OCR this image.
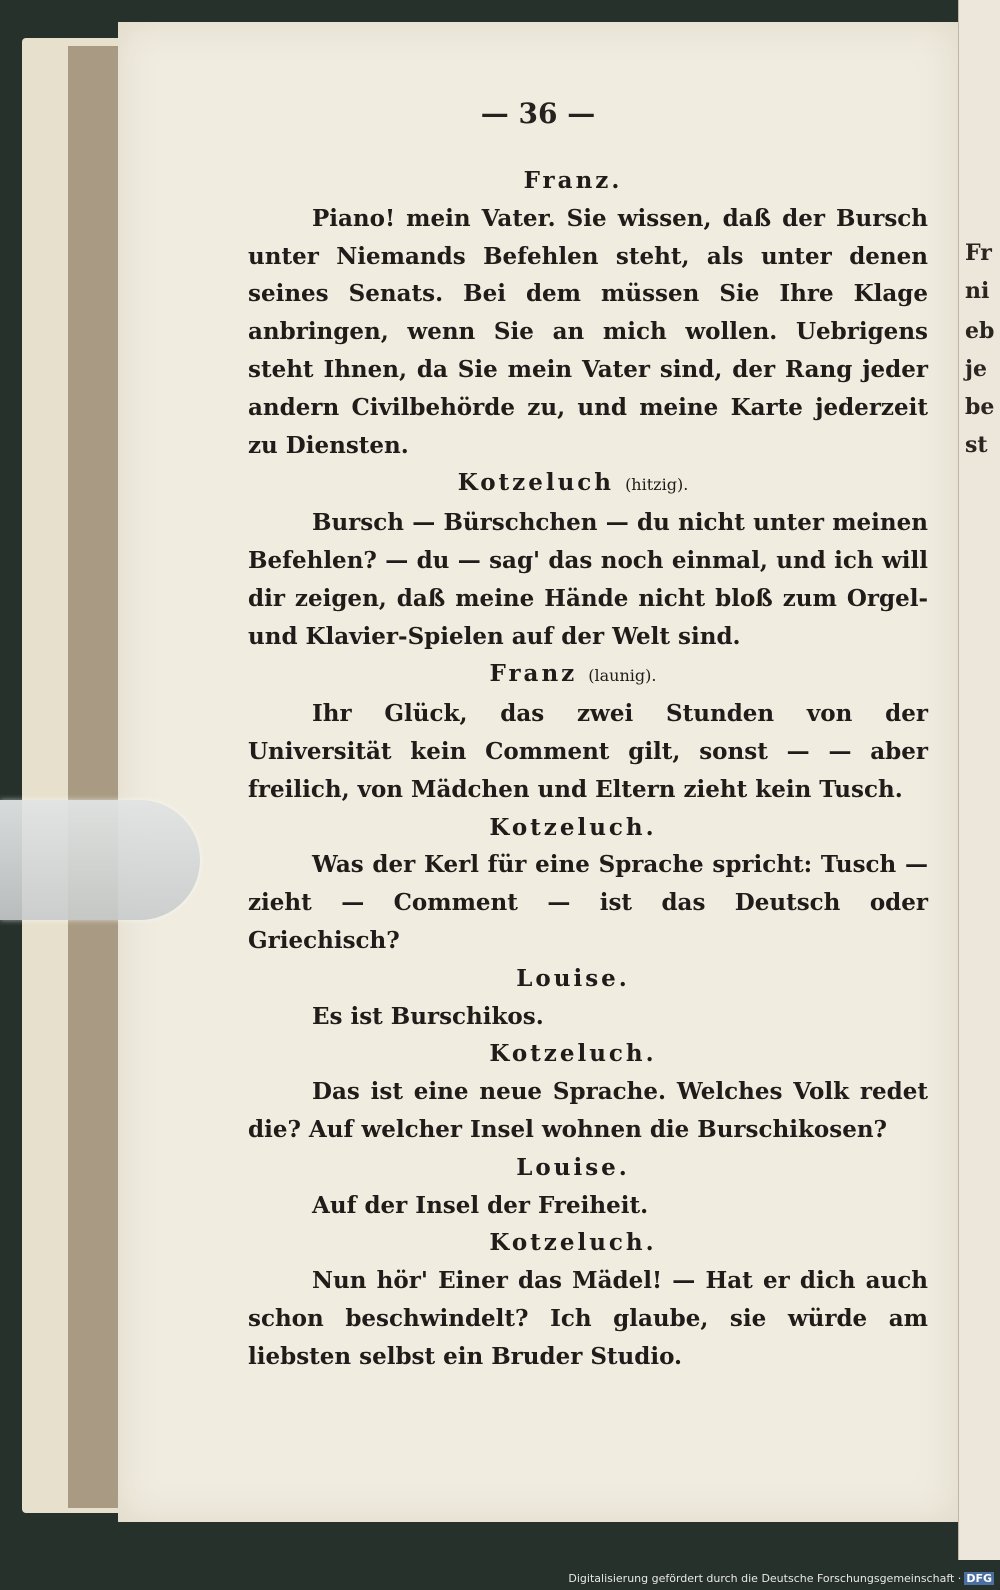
— 36 —
Franz.
Piano! mein Vater. Sie wissen, daß der Bursch unter Niemands Befehlen steht, als unter denen seines Senats. Bei dem müssen Sie Ihre Klage anbringen, wenn Sie an mich wollen. Uebrigens steht Ihnen, da Sie mein Vater sind, der Rang jeder andern Civilbehörde zu, und meine Karte jederzeit zu Diensten.
Kotzeluch (hitzig).
Bursch — Bürschchen — du nicht unter meinen Befehlen? — du — sag' das noch einmal, und ich will dir zeigen, daß meine Hände nicht bloß zum Orgel- und Klavier-Spielen auf der Welt sind.
Franz (launig).
Ihr Glück, das zwei Stunden von der Universität kein Comment gilt, sonst — — aber freilich, von Mädchen und Eltern zieht kein Tusch.
Kotzeluch.
Was der Kerl für eine Sprache spricht: Tusch — zieht — Comment — ist das Deutsch oder Griechisch?
Louise.
Es ist Burschikos.
Kotzeluch.
Das ist eine neue Sprache. Welches Volk redet die? Auf welcher Insel wohnen die Burschikosen?
Louise.
Auf der Insel der Freiheit.
Kotzeluch.
Nun hör' Einer das Mädel! — Hat er dich auch schon beschwindelt? Ich glaube, sie würde am liebsten selbst ein Bruder Studio.
Fr
ni
eb
je
be
st
Digitalisierung gefördert durch die Deutsche Forschungsgemeinschaft · DFG
